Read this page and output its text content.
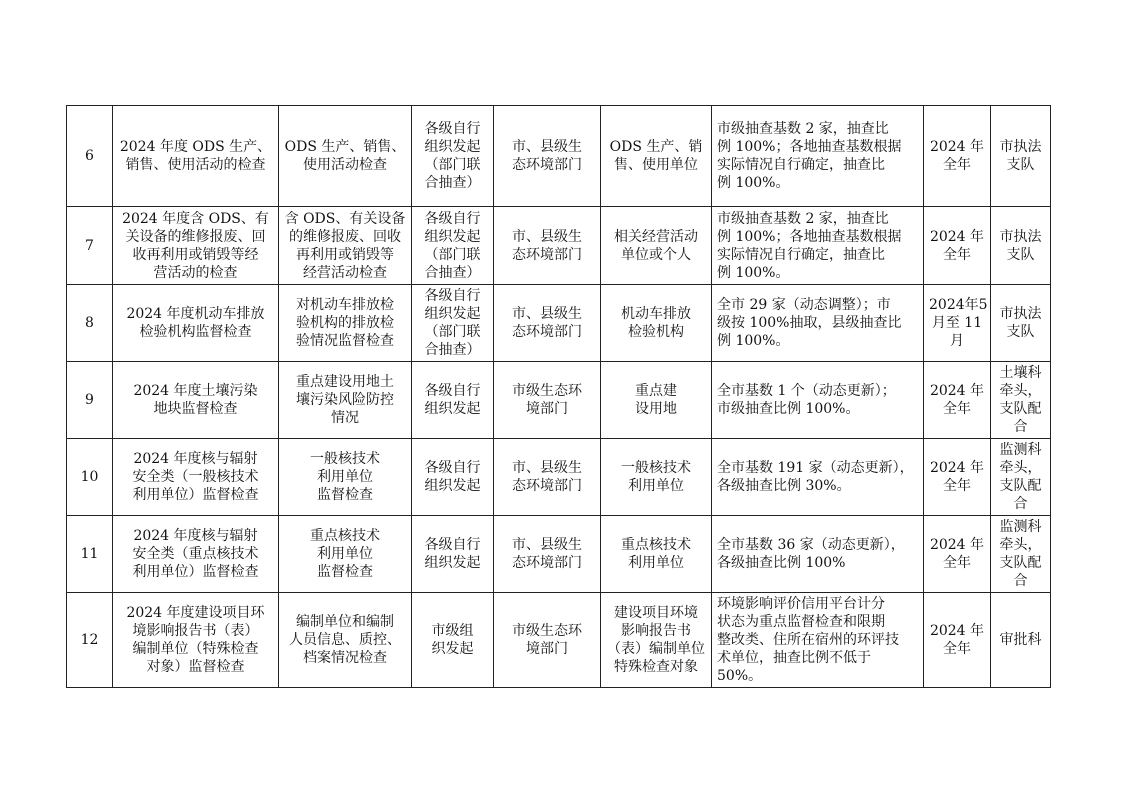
6	2024 年度 ODS 生产、
销售、使用活动的检查	ODS 生产、销售、
使用活动检查	各级自行
组织发起
（部门联
合抽查）	市、县级生
态环境部门	ODS 生产、销
售、使用单位	市级抽查基数 2 家，抽查比
例 100%；各地抽查基数根据
实际情况自行确定，抽查比
例 100%。	2024 年
全年	市执法
支队

7	2024 年度含 ODS、有
关设备的维修报废、回
收再利用或销毁等经
营活动的检查	含 ODS、有关设备
的维修报废、回收
再利用或销毁等
经营活动检查	各级自行
组织发起
（部门联
合抽查）	市、县级生
态环境部门	相关经营活动
单位或个人	市级抽查基数 2 家，抽查比
例 100%；各地抽查基数根据
实际情况自行确定，抽查比
例 100%。	2024 年
全年	市执法
支队

8	2024 年度机动车排放
检验机构监督检查	对机动车排放检
验机构的排放检
验情况监督检查	各级自行
组织发起
（部门联
合抽查）	市、县级生
态环境部门	机动车排放
检验机构	全市 29 家（动态调整）；市
级按 100%抽取，县级抽查比
例 100%。	2024年5
月至 11
月	市执法
支队

9	2024 年度土壤污染
地块监督检查	重点建设用地土
壤污染风险防控
情况	各级自行
组织发起	市级生态环
境部门	重点建
设用地	全市基数 1 个（动态更新）；
市级抽查比例 100%。	2024 年
全年	土壤科
牵头，
支队配
合

10	2024 年度核与辐射
安全类（一般核技术
利用单位）监督检查	一般核技术
利用单位
监督检查	各级自行
组织发起	市、县级生
态环境部门	一般核技术
利用单位	全市基数 191 家（动态更新），
各级抽查比例 30%。	2024 年
全年	监测科
牵头，
支队配
合

11	2024 年度核与辐射
安全类（重点核技术
利用单位）监督检查	重点核技术
利用单位
监督检查	各级自行
组织发起	市、县级生
态环境部门	重点核技术
利用单位	全市基数 36 家（动态更新），
各级抽查比例 100%	2024 年
全年	监测科
牵头，
支队配
合

12	2024 年度建设项目环
境影响报告书（表）
编制单位（特殊检查
对象）监督检查	编制单位和编制
人员信息、质控、
档案情况检查	市级组
织发起	市级生态环
境部门	建设项目环境
影响报告书
（表）编制单位
特殊检查对象	环境影响评价信用平台计分
状态为重点监督检查和限期
整改类、住所在宿州的环评技
术单位，抽查比例不低于
50%。	2024 年
全年	审批科
